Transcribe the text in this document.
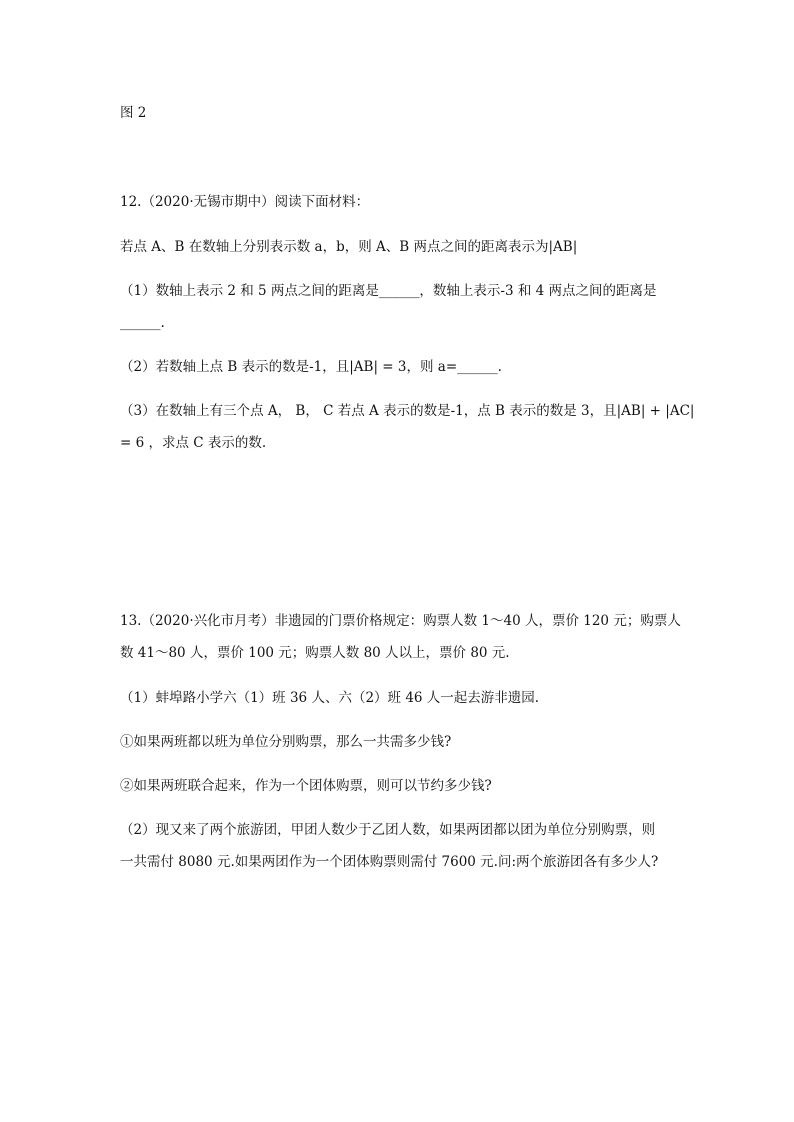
图 2
12.（2020·无锡市期中）阅读下面材料：
若点 A、B 在数轴上分别表示数 a，b，则 A、B 两点之间的距离表示为|AB|
（1）数轴上表示 2 和 5 两点之间的距离是______，数轴上表示-3 和 4 两点之间的距离是
______.
（2）若数轴上点 B 表示的数是-1，且|AB| = 3，则 a=______.
（3）在数轴上有三个点 A， B， C 若点 A 表示的数是-1，点 B 表示的数是 3，且|AB| + |AC|
= 6 ，求点 C 表示的数.
13.（2020·兴化市月考）非遗园的门票价格规定：购票人数 1～40 人，票价 120 元；购票人
数 41～80 人，票价 100 元；购票人数 80 人以上，票价 80 元.
（1）蚌埠路小学六（1）班 36 人、六（2）班 46 人一起去游非遗园.
①如果两班都以班为单位分别购票，那么一共需多少钱?
②如果两班联合起来，作为一个团体购票，则可以节约多少钱?
（2）现又来了两个旅游团，甲团人数少于乙团人数，如果两团都以团为单位分别购票，则
一共需付 8080 元.如果两团作为一个团体购票则需付 7600 元.问:两个旅游团各有多少人?
